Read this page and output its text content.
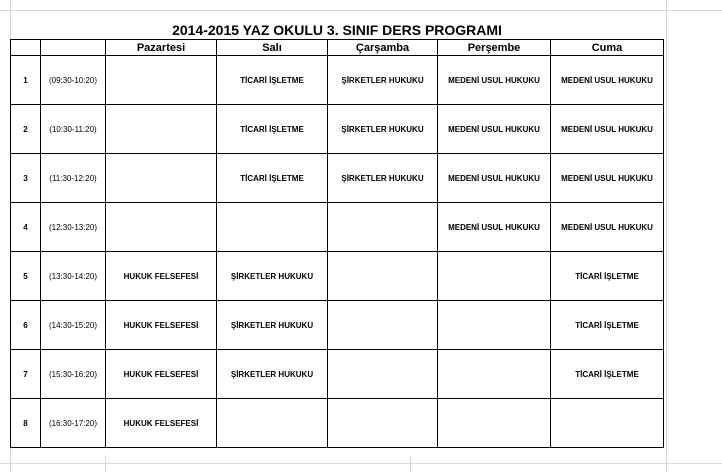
2014-2015 YAZ OKULU 3. SINIF DERS PROGRAMI						
		Pazartesi	Salı	Çarşamba	Perşembe	Cuma
1	(09:30-10:20)		TİCARİ İŞLETME	ŞİRKETLER HUKUKU	MEDENİ USUL HUKUKU	MEDENİ USUL HUKUKU
2	(10:30-11:20)		TİCARİ İŞLETME	ŞİRKETLER HUKUKU	MEDENİ USUL HUKUKU	MEDENİ USUL HUKUKU
3	(11:30-12:20)		TİCARİ İŞLETME	ŞİRKETLER HUKUKU	MEDENİ USUL HUKUKU	MEDENİ USUL HUKUKU
4	(12:30-13:20)				MEDENİ USUL HUKUKU	MEDENİ USUL HUKUKU
5	(13:30-14:20)	HUKUK FELSEFESİ	ŞİRKETLER HUKUKU			TİCARİ İŞLETME
6	(14:30-15:20)	HUKUK FELSEFESİ	ŞİRKETLER HUKUKU			TİCARİ İŞLETME
7	(15:30-16:20)	HUKUK FELSEFESİ	ŞİRKETLER HUKUKU			TİCARİ İŞLETME
8	(16:30-17:20)	HUKUK FELSEFESİ				
